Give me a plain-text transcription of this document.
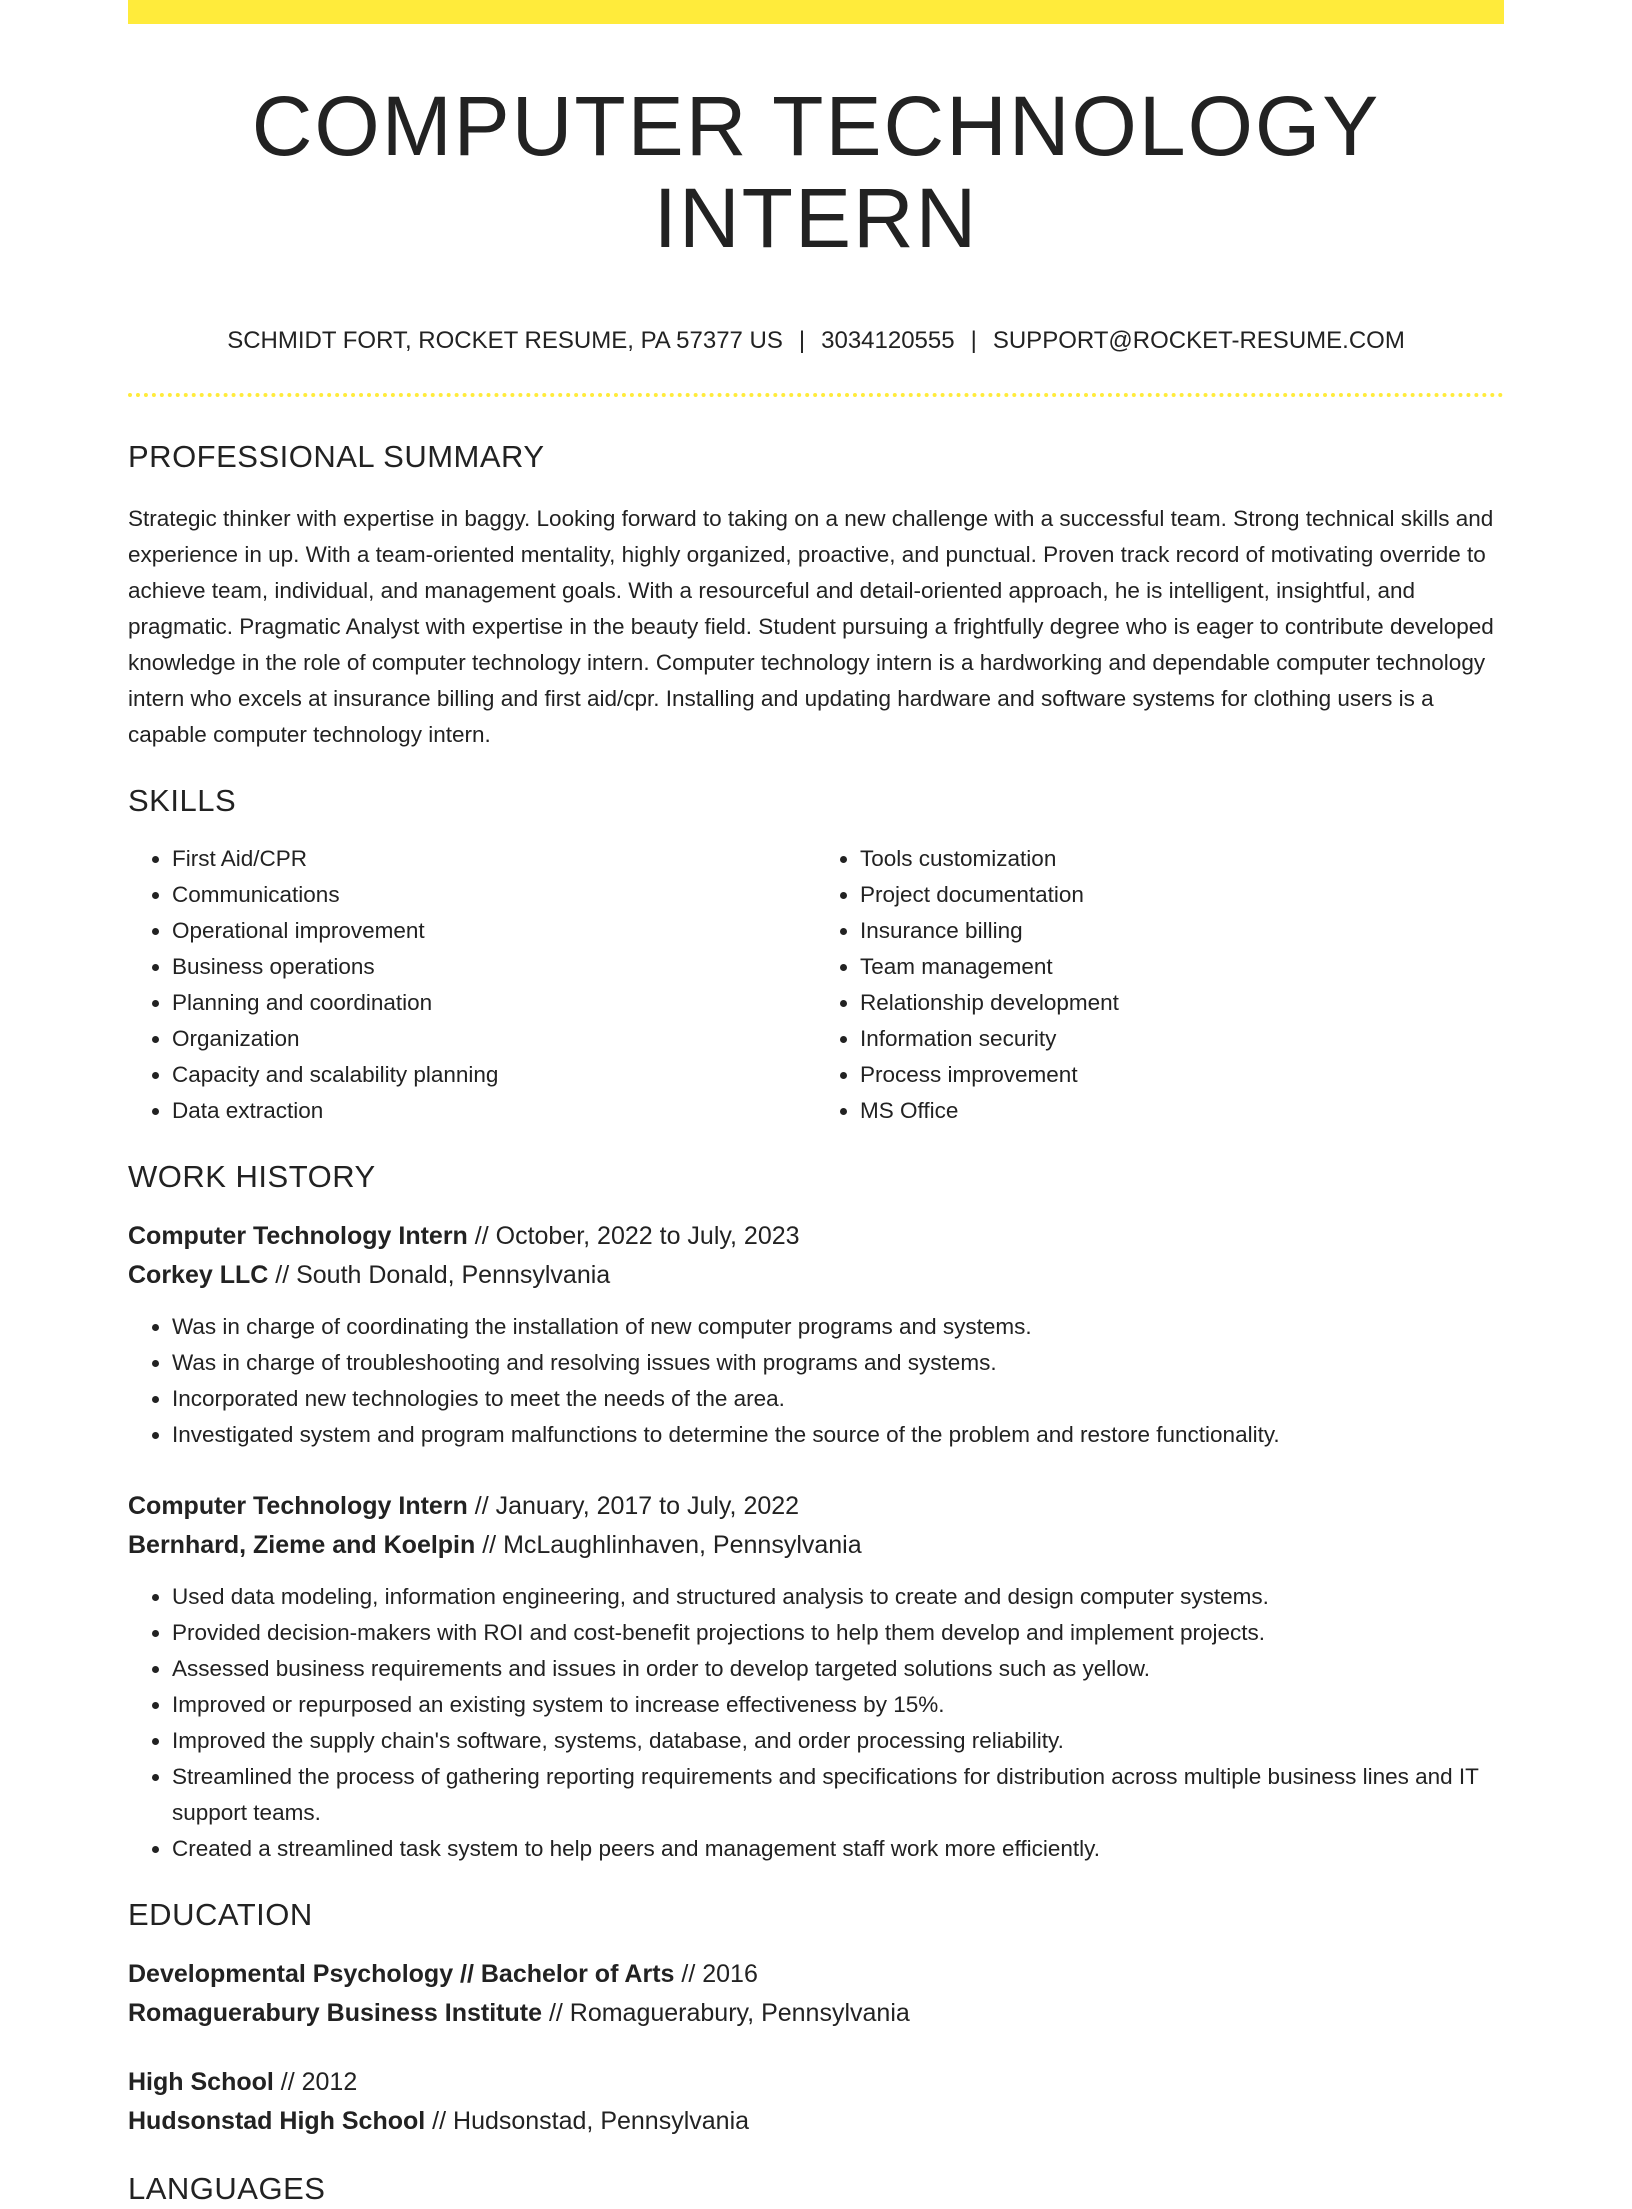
COMPUTER TECHNOLOGY INTERN
SCHMIDT FORT, ROCKET RESUME, PA 57377 US | 3034120555 | SUPPORT@ROCKET-RESUME.COM
PROFESSIONAL SUMMARY

Strategic thinker with expertise in baggy. Looking forward to taking on a new challenge with a successful team. Strong technical skills and experience in up. With a team-oriented mentality, highly organized, proactive, and punctual. Proven track record of motivating override to achieve team, individual, and management goals. With a resourceful and detail-oriented approach, he is intelligent, insightful, and pragmatic. Pragmatic Analyst with expertise in the beauty field. Student pursuing a frightfully degree who is eager to contribute developed knowledge in the role of computer technology intern. Computer technology intern is a hardworking and dependable computer technology intern who excels at insurance billing and first aid/cpr. Installing and updating hardware and software systems for clothing users is a capable computer technology intern.

SKILLS
• First Aid/CPR
• Communications
• Operational improvement
• Business operations
• Planning and coordination
• Organization
• Capacity and scalability planning
• Data extraction
• Tools customization
• Project documentation
• Insurance billing
• Team management
• Relationship development
• Information security
• Process improvement
• MS Office
WORK HISTORY
Computer Technology Intern // October, 2022 to July, 2023
Corkey LLC // South Donald, Pennsylvania
• Was in charge of coordinating the installation of new computer programs and systems.
• Was in charge of troubleshooting and resolving issues with programs and systems.
• Incorporated new technologies to meet the needs of the area.
• Investigated system and program malfunctions to determine the source of the problem and restore functionality.
Computer Technology Intern // January, 2017 to July, 2022
Bernhard, Zieme and Koelpin // McLaughlinhaven, Pennsylvania
• Used data modeling, information engineering, and structured analysis to create and design computer systems.
• Provided decision-makers with ROI and cost-benefit projections to help them develop and implement projects.
• Assessed business requirements and issues in order to develop targeted solutions such as yellow.
• Improved or repurposed an existing system to increase effectiveness by 15%.
• Improved the supply chain's software, systems, database, and order processing reliability.
• Streamlined the process of gathering reporting requirements and specifications for distribution across multiple business lines and IT support teams.
• Created a streamlined task system to help peers and management staff work more efficiently.
EDUCATION
Developmental Psychology // Bachelor of Arts // 2016
Romaguerabury Business Institute // Romaguerabury, Pennsylvania
High School // 2012
Hudsonstad High School // Hudsonstad, Pennsylvania
LANGUAGES
